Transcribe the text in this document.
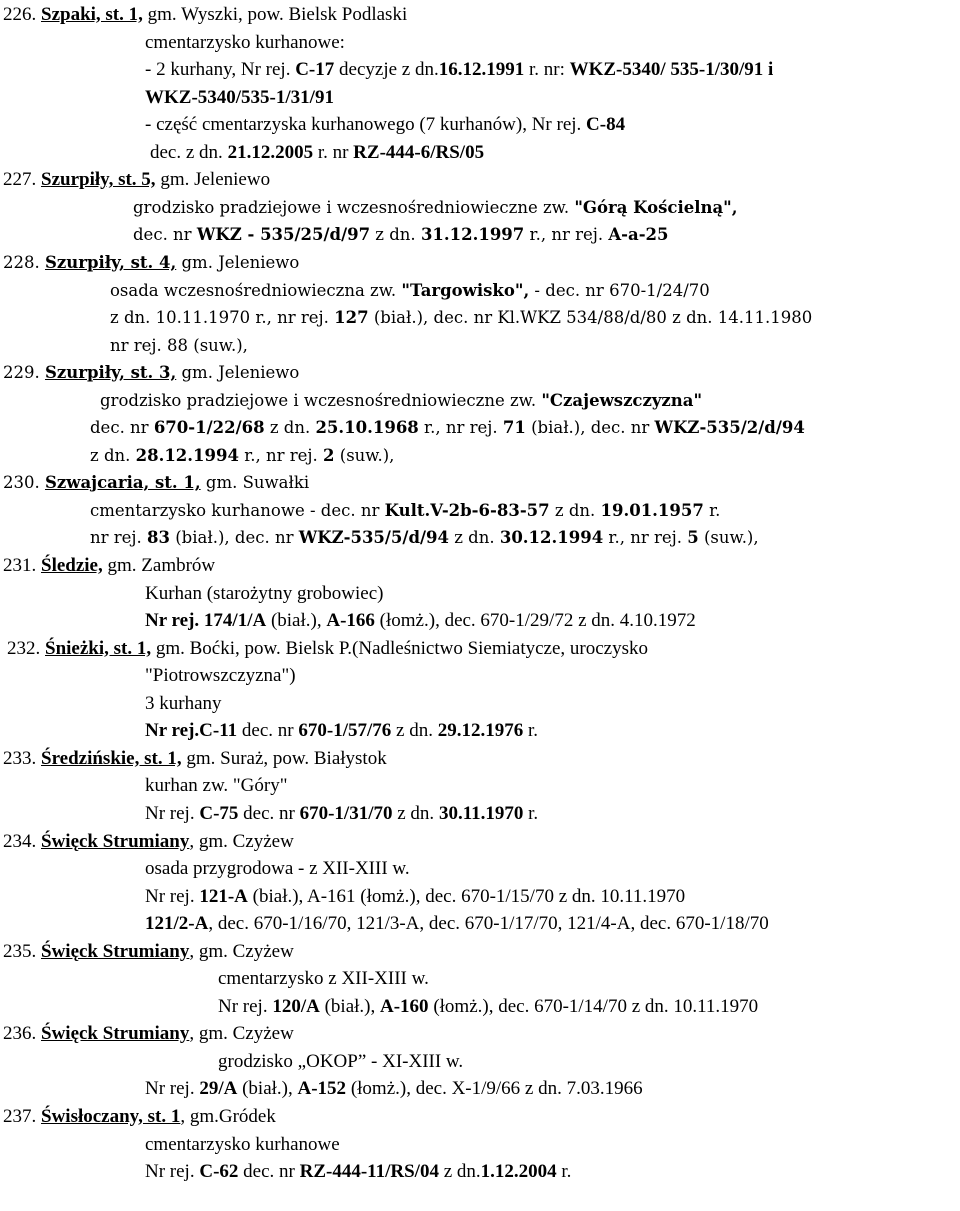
226. Szpaki, st. 1, gm. Wyszki, pow. Bielsk Podlaski
cmentarzysko kurhanowe:
- 2 kurhany, Nr rej. C-17 decyzje z dn.16.12.1991 r. nr: WKZ-5340/ 535-1/30/91 i
WKZ-5340/535-1/31/91
- część cmentarzyska kurhanowego (7 kurhanów), Nr rej. C-84
dec. z dn. 21.12.2005 r. nr RZ-444-6/RS/05
227. Szurpiły, st. 5, gm. Jeleniewo
grodzisko pradziejowe i wczesnośredniowieczne zw. "Górą Kościelną",
dec. nr WKZ - 535/25/d/97 z dn. 31.12.1997 r., nr rej. A-a-25
228. Szurpiły, st. 4, gm. Jeleniewo
osada wczesnośredniowieczna zw. "Targowisko", - dec. nr 670-1/24/70
z dn. 10.11.1970 r., nr rej. 127 (biał.), dec. nr Kl.WKZ 534/88/d/80 z dn. 14.11.1980
nr rej. 88 (suw.),
229. Szurpiły, st. 3, gm. Jeleniewo
grodzisko pradziejowe i wczesnośredniowieczne zw. "Czajewszczyzna"
dec. nr 670-1/22/68 z dn. 25.10.1968 r., nr rej. 71 (biał.), dec. nr WKZ-535/2/d/94
z dn. 28.12.1994 r., nr rej. 2 (suw.),
230. Szwajcaria, st. 1, gm. Suwałki
cmentarzysko kurhanowe - dec. nr Kult.V-2b-6-83-57 z dn. 19.01.1957 r.
nr rej. 83 (biał.), dec. nr WKZ-535/5/d/94 z dn. 30.12.1994 r., nr rej. 5 (suw.),
231. Śledzie, gm. Zambrów
Kurhan (starożytny grobowiec)
Nr rej. 174/1/A (biał.), A-166 (łomż.), dec. 670-1/29/72 z dn. 4.10.1972
232. Śnieżki, st. 1, gm. Boćki, pow. Bielsk P.(Nadleśnictwo Siemiatycze, uroczysko
"Piotrowszczyzna")
3 kurhany
Nr rej.C-11 dec. nr 670-1/57/76 z dn. 29.12.1976 r.
233. Średzińskie, st. 1, gm. Suraż, pow. Białystok
kurhan zw. "Góry"
Nr rej. C-75 dec. nr 670-1/31/70 z dn. 30.11.1970 r.
234. Święck Strumiany, gm. Czyżew
osada przygrodowa - z XII-XIII w.
Nr rej. 121-A (biał.), A-161 (łomż.), dec. 670-1/15/70 z dn. 10.11.1970
121/2-A, dec. 670-1/16/70, 121/3-A, dec. 670-1/17/70, 121/4-A, dec. 670-1/18/70
235. Święck Strumiany, gm. Czyżew
cmentarzysko z XII-XIII w.
Nr rej. 120/A (biał.), A-160 (łomż.), dec. 670-1/14/70 z dn. 10.11.1970
236. Święck Strumiany, gm. Czyżew
grodzisko „OKOP” - XI-XIII w.
Nr rej. 29/A (biał.), A-152 (łomż.), dec. X-1/9/66 z dn. 7.03.1966
237. Świsłoczany, st. 1, gm.Gródek
cmentarzysko kurhanowe
Nr rej. C-62 dec. nr RZ-444-11/RS/04 z dn.1.12.2004 r.
